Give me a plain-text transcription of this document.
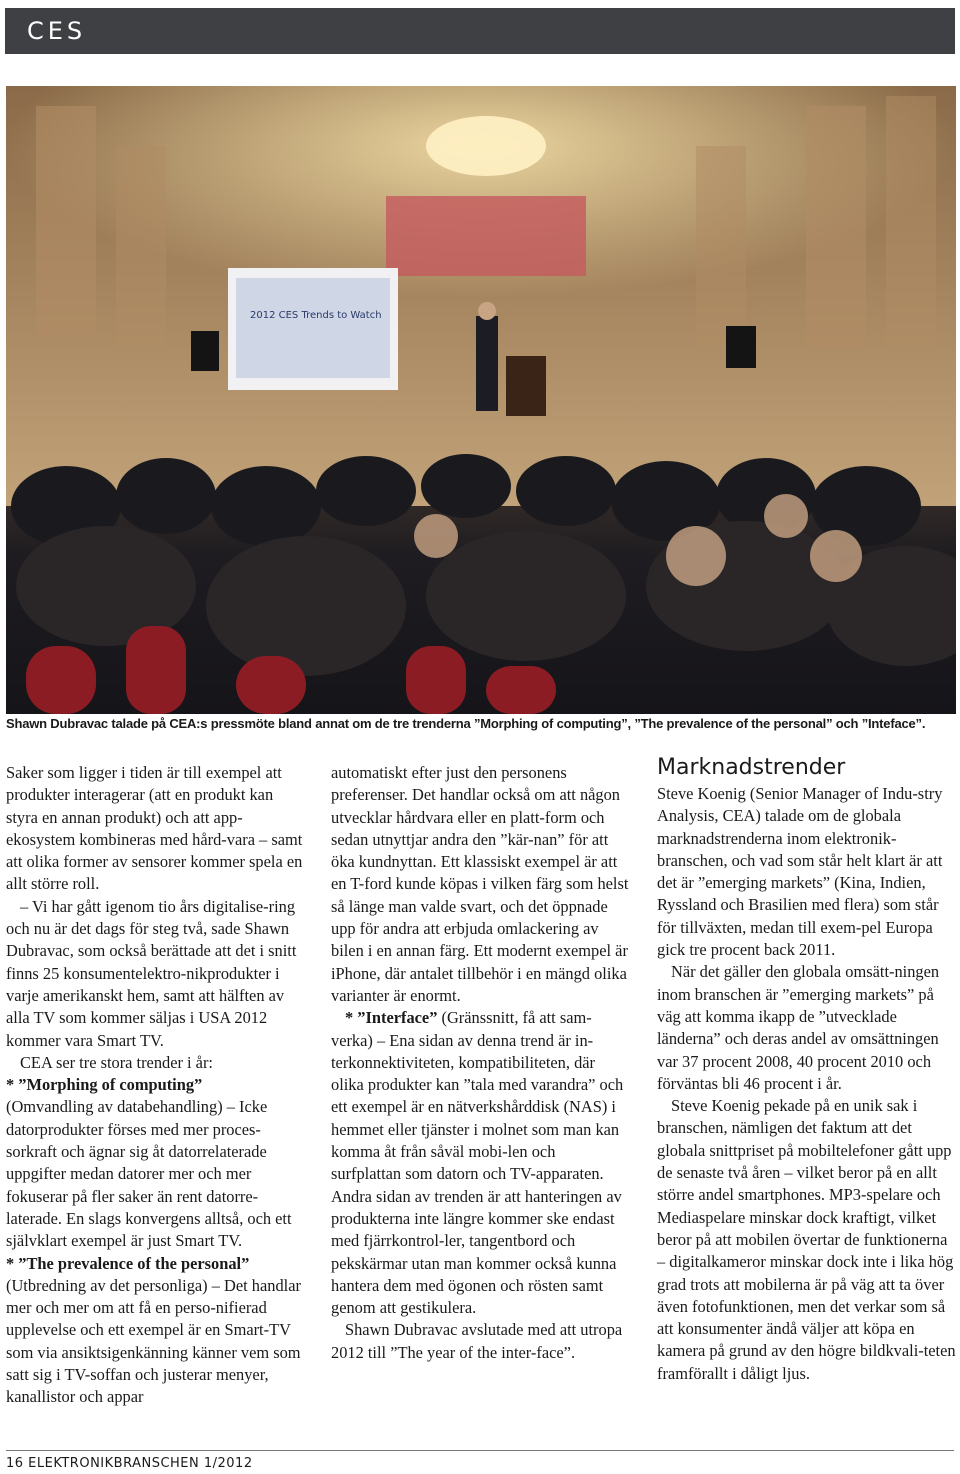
CES
2012 CES Trends to Watch
Shawn Dubravac talade på CEA:s pressmöte bland annat om de tre trenderna ”Morphing of computing”, ”The prevalence of the personal” och ”Inteface”.

Saker som ligger i tiden är till exempel att produkter interagerar (att en produkt kan styra en annan produkt) och att app-ekosystem kombineras med hård-vara – samt att olika former av sensorer kommer spela en allt större roll.

– Vi har gått igenom tio års digitalise-ring och nu är det dags för steg två, sade Shawn Dubravac, som också berättade att det i snitt finns 25 konsumentelektro-nikprodukter i varje amerikanskt hem, samt att hälften av alla TV som kommer säljas i USA 2012 kommer vara Smart TV.

CEA ser tre stora trender i år:

* ”Morphing of computing”

(Omvandling av databehandling) – Icke datorprodukter förses med mer proces-sorkraft och ägnar sig åt datorrelaterade uppgifter medan datorer mer och mer fokuserar på fler saker än rent datorre-laterade. En slags konvergens alltså, och ett självklart exempel är just Smart TV.

* ”The prevalence of the personal”

(Utbredning av det personliga) – Det handlar mer och mer om att få en perso-nifierad upplevelse och ett exempel är en Smart-TV som via ansiktsigenkänning känner vem som satt sig i TV-soffan och justerar menyer, kanallistor och appar

automatiskt efter just den personens preferenser. Det handlar också om att någon utvecklar hårdvara eller en platt-form och sedan utnyttjar andra den ”kär-nan” för att öka kundnyttan. Ett klassiskt exempel är att en T-ford kunde köpas i vilken färg som helst så länge man valde svart, och det öppnade upp för andra att erbjuda omlackering av bilen i en annan färg. Ett modernt exempel är iPhone, där antalet tillbehör i en mängd olika varianter är enormt.

* ”Interface” (Gränssnitt, få att sam-verka) – Ena sidan av denna trend är in-terkonnektiviteten, kompatibiliteten, där olika produkter kan ”tala med varandra” och ett exempel är en nätverkshårddisk (NAS) i hemmet eller tjänster i molnet som man kan komma åt från såväl mobi-len och surfplattan som datorn och TV-apparaten. Andra sidan av trenden är att hanteringen av produkterna inte längre kommer ske endast med fjärrkontrol-ler, tangentbord och pekskärmar utan man kommer också kunna hantera dem med ögonen och rösten samt genom att gestikulera.

Shawn Dubravac avslutade med att utropa 2012 till ”The year of the inter-face”.

Marknadstrender

Steve Koenig (Senior Manager of Indu-stry Analysis, CEA) talade om de globala marknadstrenderna inom elektronik-branschen, och vad som står helt klart är att det är ”emerging markets” (Kina, Indien, Ryssland och Brasilien med flera) som står för tillväxten, medan till exem-pel Europa gick tre procent back 2011.

När det gäller den globala omsätt-ningen inom branschen är ”emerging markets” på väg att komma ikapp de ”utvecklade länderna” och deras andel av omsättningen var 37 procent 2008, 40 procent 2010 och förväntas bli 46 procent i år.

Steve Koenig pekade på en unik sak i branschen, nämligen det faktum att det globala snittpriset på mobiltelefoner gått upp de senaste två åren – vilket beror på en allt större andel smartphones. MP3-spelare och Mediaspelare minskar dock kraftigt, vilket beror på att mobilen övertar de funktionerna – digitalkameror minskar dock inte i lika hög grad trots att mobilerna är på väg att ta över även fotofunktionen, men det verkar som så att konsumenter ändå väljer att köpa en kamera på grund av den högre bildkvali-teten framförallt i dåligt ljus.

16 ELEKTRONIKBRANSCHEN 1/2012
